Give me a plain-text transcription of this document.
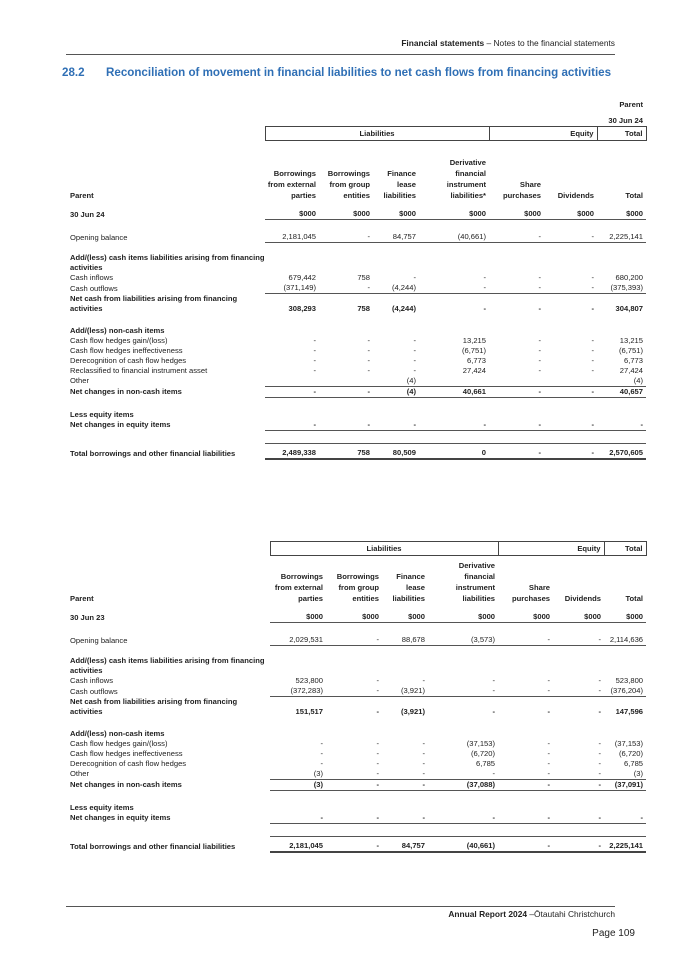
Financial statements – Notes to the financial statements
28.2 Reconciliation of movement in financial liabilities to net cash flows from financing activities
							Parent
							30 Jun 24
	Liabilities				Equity		Total

Parent	Borrowings from external parties	Borrowings from group entities	Finance lease liabilities	Derivative financial instrument liabilities*	Share purchases	Dividends	Total

30 Jun 24	$000	$000	$000	$000	$000	$000	$000

Opening balance	2,181,045	-	84,757	(40,661)	-	-	2,225,141

Add/(less) cash items liabilities arising from financing activities							
Cash inflows	679,442	758	-	-	-	-	680,200
Cash outflows	(371,149)	-	(4,244)	-	-	-	(375,393)
Net cash from liabilities arising from financing activities	308,293	758	(4,244)	-	-	-	304,807

Add/(less) non-cash items							
Cash flow hedges gain/(loss)	-	-	-	13,215	-	-	13,215
Cash flow hedges ineffectiveness	-	-	-	(6,751)	-	-	(6,751)
Derecognition of cash flow hedges	-	-	-	6,773	-	-	6,773
Reclassified to financial instrument asset	-	-	-	27,424	-	-	27,424
Other			(4)				(4)
Net changes in non-cash items	-	-	(4)	40,661	-	-	40,657

Less equity items							
Net changes in equity items	-	-	-	-	-	-	-

Total borrowings and other financial liabilities	2,489,338	758	80,509	0	-	-	2,570,605
	Liabilities				Equity		Total

Parent	Borrowings from external parties	Borrowings from group entities	Finance lease liabilities	Derivative financial instrument liabilities	Share purchases	Dividends	Total

30 Jun 23	$000	$000	$000	$000	$000	$000	$000

Opening balance	2,029,531	-	88,678	(3,573)	-	-	2,114,636

Add/(less) cash items liabilities arising from financing activities							
Cash inflows	523,800	-	-	-	-	-	523,800
Cash outflows	(372,283)	-	(3,921)	-	-	-	(376,204)
Net cash from liabilities arising from financing activities	151,517	-	(3,921)	-	-	-	147,596

Add/(less) non-cash items							
Cash flow hedges gain/(loss)	-	-	-	(37,153)	-	-	(37,153)
Cash flow hedges ineffectiveness	-	-	-	(6,720)	-	-	(6,720)
Derecognition of cash flow hedges	-	-	-	6,785	-	-	6,785
Other	(3)	-	-	-	-	-	(3)
Net changes in non-cash items	(3)	-	-	(37,088)	-	-	(37,091)

Less equity items							
Net changes in equity items	-	-	-	-	-	-	-

Total borrowings and other financial liabilities	2,181,045	-	84,757	(40,661)	-	-	2,225,141
Annual Report 2024 –Ōtautahi Christchurch
Page 109
